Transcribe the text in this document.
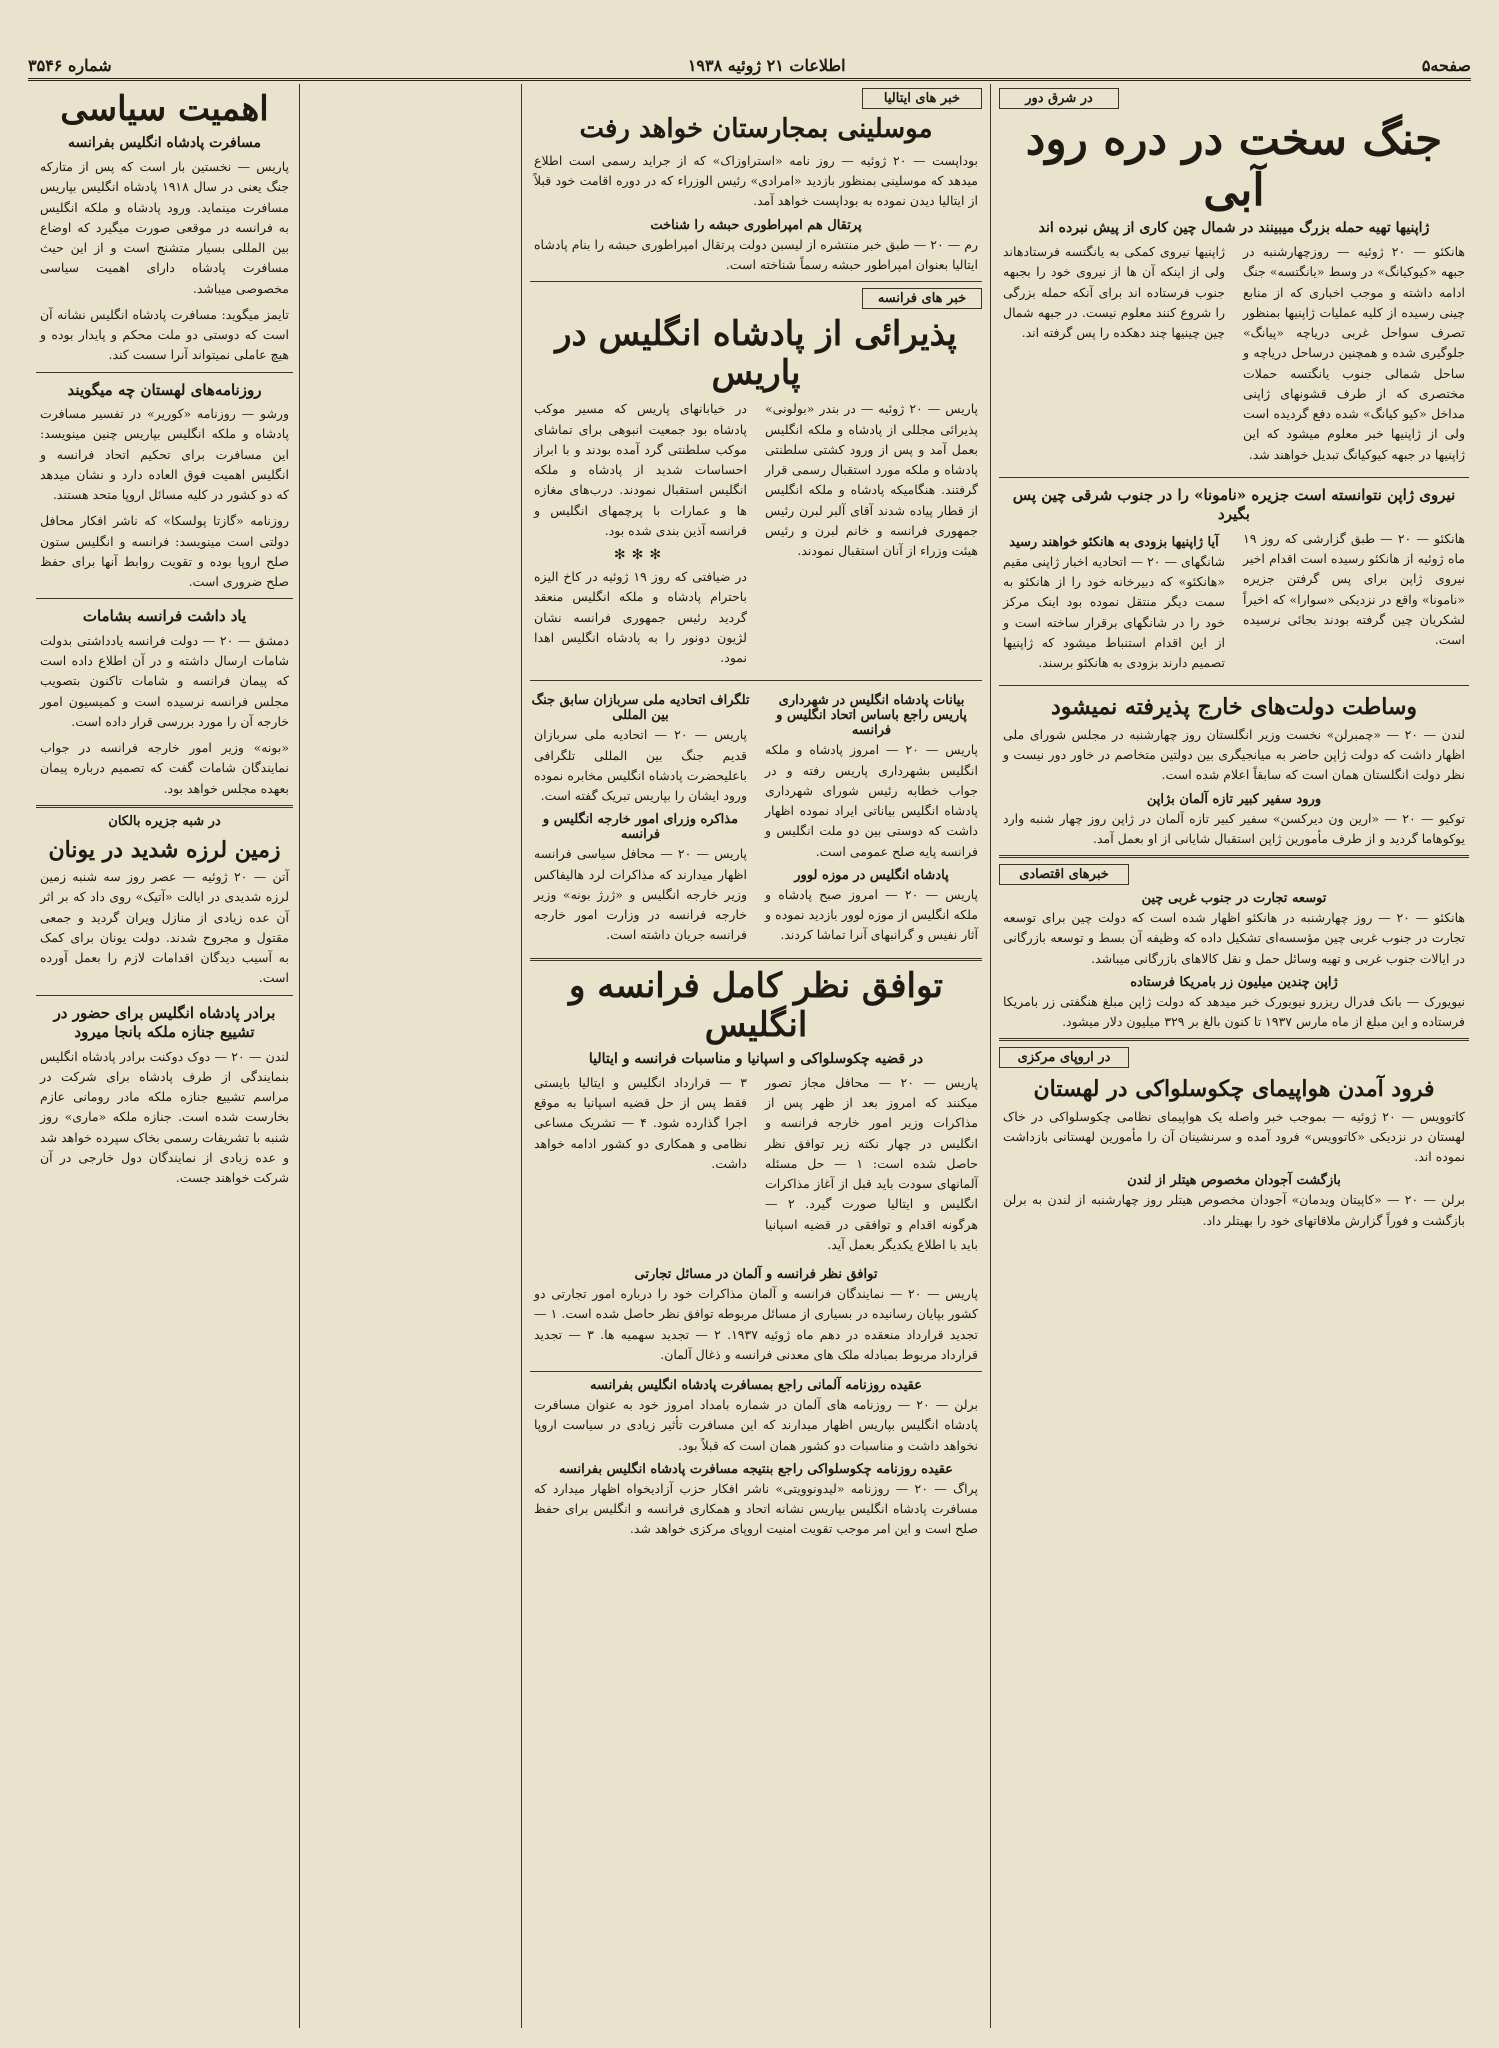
صفحه۵
اطلاعات ۲۱ ژوئیه ۱۹۳۸
شماره ۳۵۴۶
در شرق دور
جنگ سخت در دره رود آبی
ژاپنیها تهیه حمله بزرگ میبینند در شمال چین کاری از پیش نبرده اند

هانکئو — ۲۰ ژوئیه — روزچهارشنبه در جبهه «کیوکیانگ» در وسط «یانگتسه» جنگ ادامه داشته و موجب اخباری که از منابع چینی رسیده از کلیه عملیات ژاپنیها بمنظور تصرف سواحل غربی دریاچه «پیانگ» جلوگیری شده و همچنین درساحل دریاچه و ساحل شمالی جنوب یانگتسه حملات مختصری که از طرف قشونهای ژاپنی مداخل «کیو کیانگ» شده دفع گردیده است ولی از ژاپنیها خبر معلوم میشود که این ژاپنیها در جبهه کیوکیانگ تبدیل خواهند شد.

ژاپنیها نیروی کمکی به یانگتسه فرستادهاند ولی از اینکه آن ها از نیروی خود را بجبهه جنوب فرستاده اند برای آنکه حمله بزرگی را شروع کنند معلوم نیست. در جبهه شمال چین چینیها چند دهکده را پس گرفته اند.

نیروی ژاپن نتوانسته است جزیره «نامونا» را در جنوب شرقی چین پس بگیرد

هانکئو — ۲۰ — طبق گزارشی که روز ۱۹ ماه ژوئیه از هانکئو رسیده است اقدام اخیر نیروی ژاپن برای پس گرفتن جزیره «نامونا» واقع در نزدیکی «سوارا» که اخیراً لشکریان چین گرفته بودند بجائی نرسیده است.

آیا ژاپنیها بزودی به هانکئو خواهند رسید

شانگهای — ۲۰ — اتحادیه اخبار ژاپنی مقیم «هانکئو» که دبیرخانه خود را از هانکئو به سمت دیگر منتقل نموده بود اینک مرکز خود را در شانگهای برقرار ساخته است و از این اقدام استنباط میشود که ژاپنیها تصمیم دارند بزودی به هانکئو برسند.

وساطت دولت‌های خارج پذیرفته نمیشود

لندن — ۲۰ — «چمبرلن» نخست وزیر انگلستان روز چهارشنبه در مجلس شورای ملی اظهار داشت که دولت ژاپن حاضر به میانجیگری بین دولتین متخاصم در خاور دور نیست و نظر دولت انگلستان همان است که سابقاً اعلام شده است.

ورود سفیر کبیر تازه آلمان بژاپن

توکیو — ۲۰ — «ارین ون دیرکسن» سفیر کبیر تازه آلمان در ژاپن روز چهار شنبه وارد یوکوهاما گردید و از طرف مأمورین ژاپن استقبال شایانی از او بعمل آمد.

خبرهای اقتصادی
توسعه تجارت در جنوب غربی چین

هانکئو — ۲۰ — روز چهارشنبه در هانکئو اظهار شده است که دولت چین برای توسعه تجارت در جنوب غربی چین مؤسسه‌ای تشکیل داده که وظیفه آن بسط و توسعه بازرگانی در ایالات جنوب غربی و تهیه وسائل حمل و نقل کالاهای بازرگانی میباشد.

ژاپن چندین میلیون زر بامریکا فرستاده

نیویورک — بانک فدرال ریزرو نیویورک خبر میدهد که دولت ژاپن مبلغ هنگفتی زر بامریکا فرستاده و این مبلغ از ماه مارس ۱۹۳۷ تا کنون بالغ بر ۳۲۹ میلیون دلار میشود.

در اروپای مرکزی
فرود آمدن هواپیمای چکوسلواکی در لهستان

کاتوویس — ۲۰ ژوئیه — بموجب خبر واصله یک هواپیمای نظامی چکوسلواکی در خاک لهستان در نزدیکی «کاتوویس» فرود آمده و سرنشینان آن را مأمورین لهستانی بازداشت نموده اند.

بازگشت آجودان مخصوص هیتلر از لندن

برلن — ۲۰ — «کاپیتان ویدمان» آجودان مخصوص هیتلر روز چهارشنبه از لندن به برلن بازگشت و فوراً گزارش ملاقاتهای خود را بهیتلر داد.

خبر های ایتالیا
موسلینی بمجارستان خواهد رفت

بوداپست — ۲۰ ژوئیه — روز نامه «استراوزاک» که از جراید رسمی است اطلاع میدهد که موسلینی بمنظور بازدید «امرادی» رئیس الوزراء که در دوره اقامت خود قبلاً از ایتالیا دیدن نموده به بوداپست خواهد آمد.

پرتقال هم امپراطوری حبشه را شناخت

رم — ۲۰ — طبق خبر منتشره از لیسبن دولت پرتقال امپراطوری حبشه را بنام پادشاه ایتالیا بعنوان امپراطور حبشه رسماً شناخته است.

خبر های فرانسه
پذیرائی از پادشاه انگلیس در پاریس

پاریس — ۲۰ ژوئیه — در بندر «بولونی» پذیرائی مجللی از پادشاه و ملکه انگلیس بعمل آمد و پس از ورود کشتی سلطنتی پادشاه و ملکه مورد استقبال رسمی قرار گرفتند. هنگامیکه پادشاه و ملکه انگلیس از قطار پیاده شدند آقای آلبر لبرن رئیس جمهوری فرانسه و خانم لبرن و رئیس هیئت وزراء از آنان استقبال نمودند.

در خیابانهای پاریس که مسیر موکب پادشاه بود جمعیت انبوهی برای تماشای موکب سلطنتی گرد آمده بودند و با ابراز احساسات شدید از پادشاه و ملکه انگلیس استقبال نمودند. درب‌های مغازه ها و عمارات با پرچمهای انگلیس و فرانسه آذین بندی شده بود.

✻✻✻

در ضیافتی که روز ۱۹ ژوئیه در کاخ الیزه باحترام پادشاه و ملکه انگلیس منعقد گردید رئیس جمهوری فرانسه نشان لژیون دونور را به پادشاه انگلیس اهدا نمود.

بیانات پادشاه انگلیس در شهرداری پاریس راجع باساس اتحاد انگلیس و فرانسه

پاریس — ۲۰ — امروز پادشاه و ملکه انگلیس بشهرداری پاریس رفته و در جواب خطابه رئیس شورای شهرداری پادشاه انگلیس بیاناتی ایراد نموده اظهار داشت که دوستی بین دو ملت انگلیس و فرانسه پایه صلح عمومی است.

پادشاه انگلیس در موزه لوور

پاریس — ۲۰ — امروز صبح پادشاه و ملکه انگلیس از موزه لوور بازدید نموده و آثار نفیس و گرانبهای آنرا تماشا کردند.

تلگراف اتحادیه ملی سربازان سابق جنگ بین المللی

پاریس — ۲۰ — اتحادیه ملی سربازان قدیم جنگ بین المللی تلگرافی باعلیحضرت پادشاه انگلیس مخابره نموده ورود ایشان را بپاریس تبریک گفته است.

مذاکره وزرای امور خارجه انگلیس و فرانسه

پاریس — ۲۰ — محافل سیاسی فرانسه اظهار میدارند که مذاکرات لرد هالیفاکس وزیر خارجه انگلیس و «ژرژ بونه» وزیر خارجه فرانسه در وزارت امور خارجه فرانسه جریان داشته است.

توافق نظر کامل فرانسه و انگلیس
در قضیه چکوسلواکی و اسپانیا و مناسبات فرانسه و ایتالیا

پاریس — ۲۰ — محافل مجاز تصور میکنند که امروز بعد از ظهر پس از مذاکرات وزیر امور خارجه فرانسه و انگلیس در چهار نکته زیر توافق نظر حاصل شده است: ۱ — حل مسئله آلمانهای سودت باید قبل از آغاز مذاکرات انگلیس و ایتالیا صورت گیرد. ۲ — هرگونه اقدام و توافقی در قضیه اسپانیا باید با اطلاع یکدیگر بعمل آید.

۳ — قرارداد انگلیس و ایتالیا بایستی فقط پس از حل قضیه اسپانیا به موقع اجرا گذارده شود. ۴ — تشریک مساعی نظامی و همکاری دو کشور ادامه خواهد داشت.

توافق نظر فرانسه و آلمان در مسائل تجارتی

پاریس — ۲۰ — نمایندگان فرانسه و آلمان مذاکرات خود را درباره امور تجارتی دو کشور بپایان رسانیده در بسیاری از مسائل مربوطه توافق نظر حاصل شده است. ۱ — تجدید قرارداد منعقده در دهم ماه ژوئیه ۱۹۳۷. ۲ — تجدید سهمیه ها. ۳ — تجدید قرارداد مربوط بمبادله ملک های معدنی فرانسه و ذغال آلمان.

عقیده روزنامه آلمانی راجع بمسافرت پادشاه انگلیس بفرانسه

برلن — ۲۰ — روزنامه های آلمان در شماره بامداد امروز خود به عنوان مسافرت پادشاه انگلیس بپاریس اظهار میدارند که این مسافرت تأثیر زیادی در سیاست اروپا نخواهد داشت و مناسبات دو کشور همان است که قبلاً بود.

عقیده روزنامه چکوسلواکی راجع بنتیجه مسافرت پادشاه انگلیس بفرانسه

پراگ — ۲۰ — روزنامه «لیدونوویتی» ناشر افکار حزب آزادیخواه اظهار میدارد که مسافرت پادشاه انگلیس بپاریس نشانه اتحاد و همکاری فرانسه و انگلیس برای حفظ صلح است و این امر موجب تقویت امنیت اروپای مرکزی خواهد شد.

اهمیت سیاسی
مسافرت پادشاه انگلیس بفرانسه

پاریس — نخستین بار است که پس از متارکه جنگ یعنی در سال ۱۹۱۸ پادشاه انگلیس بپاریس مسافرت مینماید. ورود پادشاه و ملکه انگلیس به فرانسه در موقعی صورت میگیرد که اوضاع بین المللی بسیار متشنج است و از این حیث مسافرت پادشاه دارای اهمیت سیاسی مخصوصی میباشد.

تایمز میگوید: مسافرت پادشاه انگلیس نشانه آن است که دوستی دو ملت محکم و پایدار بوده و هیچ عاملی نمیتواند آنرا سست کند.

روزنامه‌های لهستان چه میگویند

ورشو — روزنامه «کوریر» در تفسیر مسافرت پادشاه و ملکه انگلیس بپاریس چنین مینویسد: این مسافرت برای تحکیم اتحاد فرانسه و انگلیس اهمیت فوق العاده دارد و نشان میدهد که دو کشور در کلیه مسائل اروپا متحد هستند.

روزنامه «گازتا پولسکا» که ناشر افکار محافل دولتی است مینویسد: فرانسه و انگلیس ستون صلح اروپا بوده و تقویت روابط آنها برای حفظ صلح ضروری است.

یاد داشت فرانسه بشامات

دمشق — ۲۰ — دولت فرانسه یادداشتی بدولت شامات ارسال داشته و در آن اطلاع داده است که پیمان فرانسه و شامات تاکنون بتصویب مجلس فرانسه نرسیده است و کمیسیون امور خارجه آن را مورد بررسی قرار داده است.

«بونه» وزیر امور خارجه فرانسه در جواب نمایندگان شامات گفت که تصمیم درباره پیمان بعهده مجلس خواهد بود.

در شبه جزیره بالکان
زمین لرزه شدید در یونان

آتن — ۲۰ ژوئیه — عصر روز سه شنبه زمین لرزه شدیدی در ایالت «آتیک» روی داد که بر اثر آن عده زیادی از منازل ویران گردید و جمعی مقتول و مجروح شدند. دولت یونان برای کمک به آسیب دیدگان اقدامات لازم را بعمل آورده است.

برادر پادشاه انگلیس برای حضور در تشییع جنازه ملکه بانجا میرود

لندن — ۲۰ — دوک دوکنت برادر پادشاه انگلیس بنمایندگی از طرف پادشاه برای شرکت در مراسم تشییع جنازه ملکه مادر رومانی عازم بخارست شده است. جنازه ملکه «ماری» روز شنبه با تشریفات رسمی بخاک سپرده خواهد شد و عده زیادی از نمایندگان دول خارجی در آن شرکت خواهند جست.
